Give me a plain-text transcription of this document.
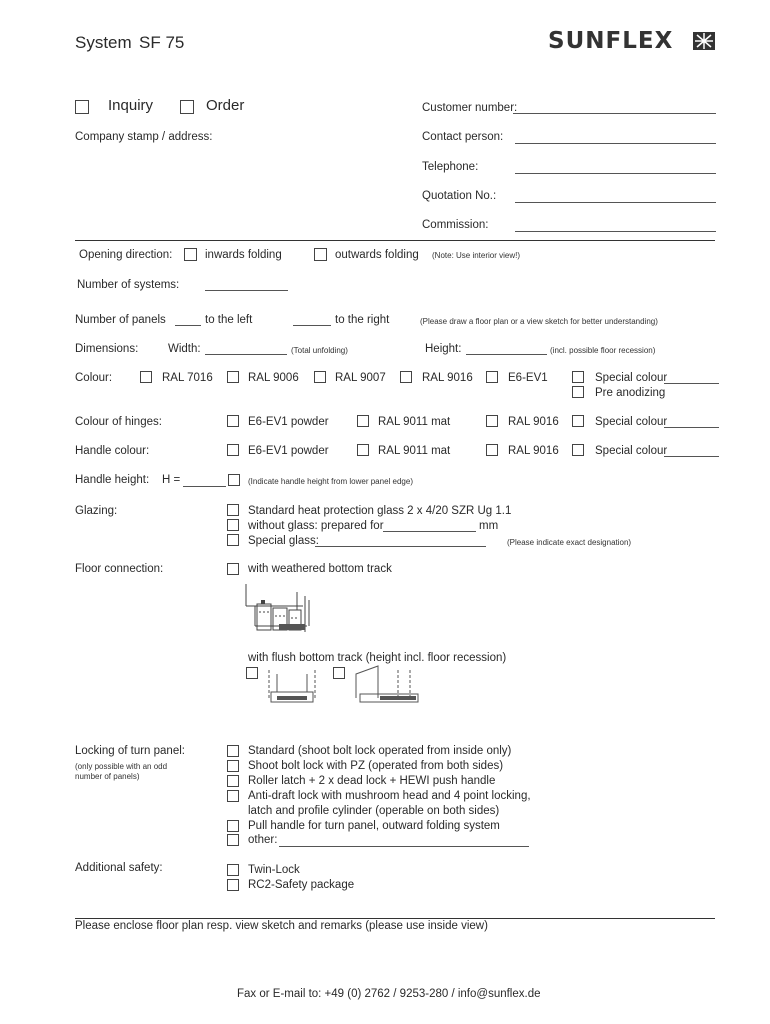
System SF 75	SUNFLEX
Inquiry	Order	Customer number:
Company stamp / address:	Contact person:
Telephone:
Quotation No.:
Commission:
Opening direction:	inwards folding	outwards folding (Note: Use interior view!)
Number of systems:
Number of panels	to the left	to the right	(Please draw a floor plan or a view sketch for better understanding)
Dimensions:	Width:	(Total unfolding)	Height:	(incl. possible floor recession)
Colour:	RAL 7016	RAL 9006	RAL 9007	RAL 9016	E6-EV1	Special colour
Pre anodizing
Colour of hinges:	E6-EV1 powder	RAL 9011 mat	RAL 9016	Special colour
Handle colour:	E6-EV1 powder	RAL 9011 mat	RAL 9016	Special colour
Handle height: H =	(Indicate handle height from lower panel edge)
Glazing:	Standard heat protection glass 2 x 4/20 SZR Ug 1.1
without glass: prepared for	mm
Special glass:	(Please indicate exact designation)
Floor connection:	with weathered bottom track
with flush bottom track (height incl. floor recession)
Locking of turn panel:
(only possible with an odd number of panels)
Standard (shoot bolt lock operated from inside only)
Shoot bolt lock with PZ (operated from both sides)
Roller latch + 2 x dead lock + HEWI push handle
Anti-draft lock with mushroom head and 4 point locking,
latch and profile cylinder (operable on both sides)
Pull handle for turn panel, outward folding system
other:
Additional safety:	Twin-Lock
RC2-Safety package
Please enclose floor plan resp. view sketch and remarks (please use inside view)
Fax or E-mail to: +49 (0) 2762 / 9253-280 / info@sunflex.de
